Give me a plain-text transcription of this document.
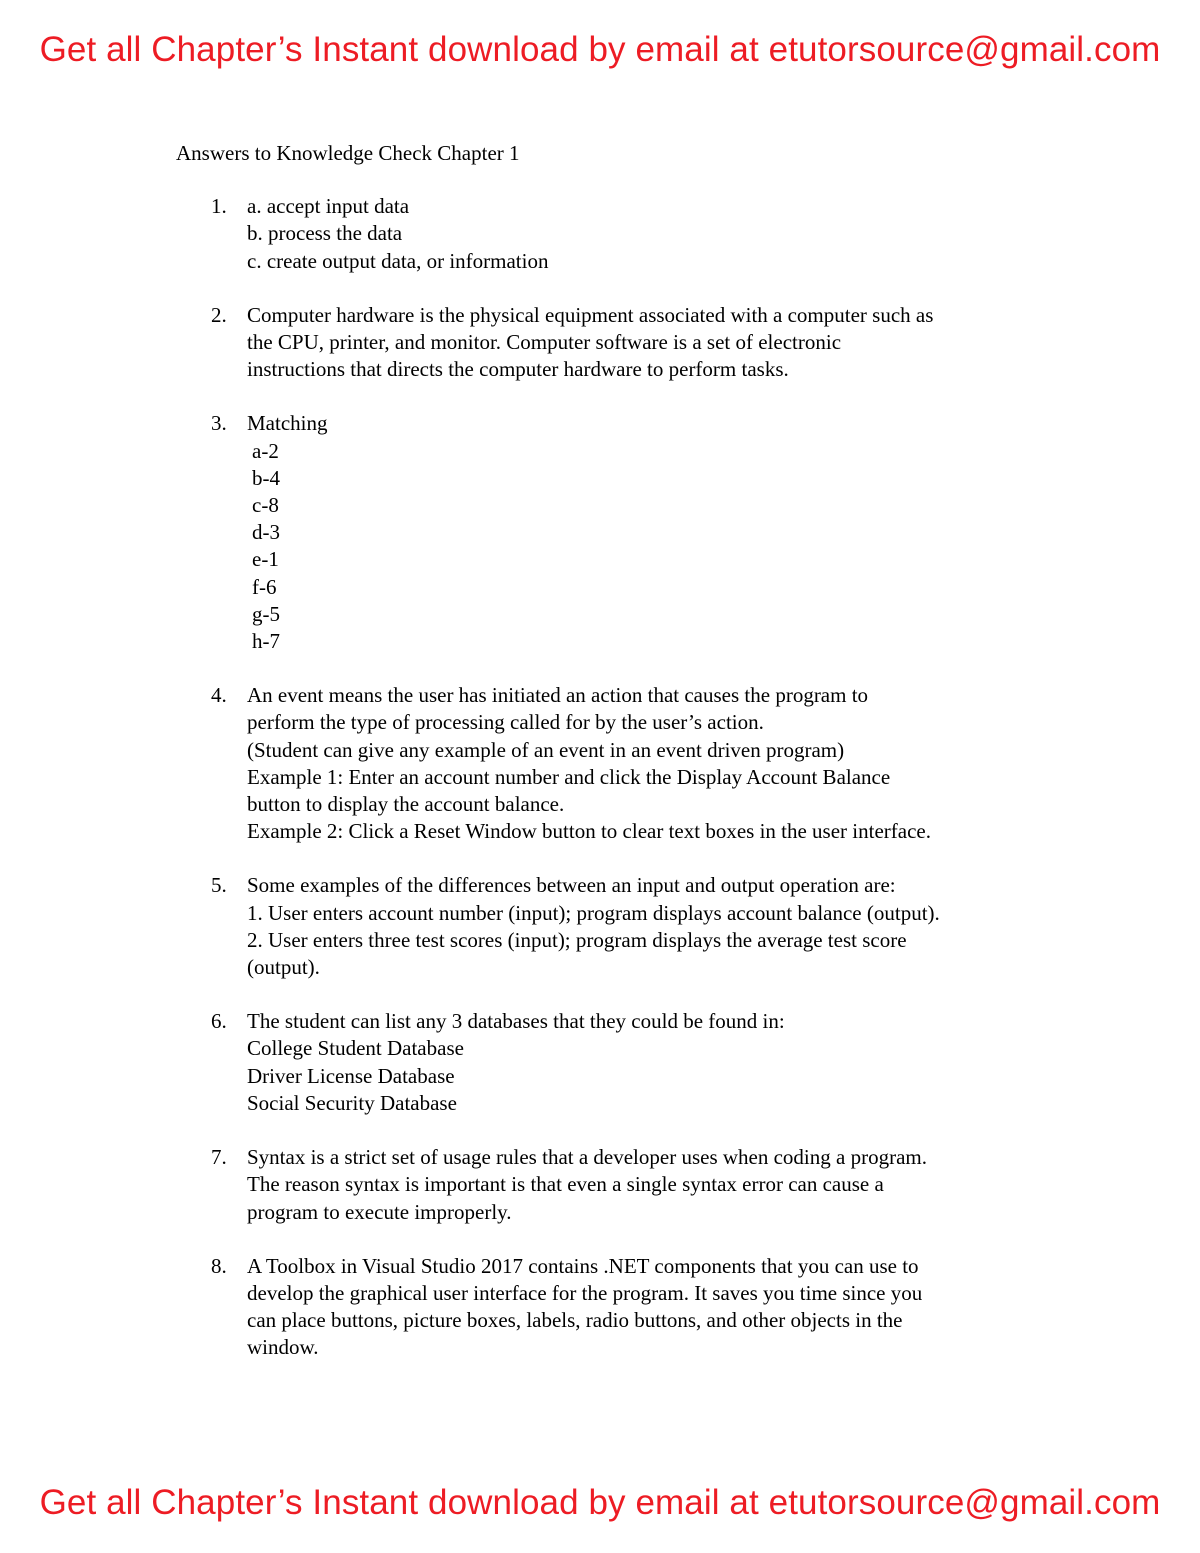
Get all Chapter’s Instant download by email at etutorsource@gmail.com
Answers to Knowledge Check Chapter 1
1. a. accept input data
b. process the data
c. create output data, or information
2. Computer hardware is the physical equipment associated with a computer such as
the CPU, printer, and monitor. Computer software is a set of electronic
instructions that directs the computer hardware to perform tasks.
3. Matching
a-2
b-4
c-8
d-3
e-1
f-6
g-5
h-7
4. An event means the user has initiated an action that causes the program to
perform the type of processing called for by the user’s action.
(Student can give any example of an event in an event driven program)
Example 1: Enter an account number and click the Display Account Balance
button to display the account balance.
Example 2: Click a Reset Window button to clear text boxes in the user interface.
5. Some examples of the differences between an input and output operation are:
1. User enters account number (input); program displays account balance (output).
2. User enters three test scores (input); program displays the average test score
(output).
6. The student can list any 3 databases that they could be found in:
College Student Database
Driver License Database
Social Security Database
7. Syntax is a strict set of usage rules that a developer uses when coding a program.
The reason syntax is important is that even a single syntax error can cause a
program to execute improperly.
8. A Toolbox in Visual Studio 2017 contains .NET components that you can use to
develop the graphical user interface for the program. It saves you time since you
can place buttons, picture boxes, labels, radio buttons, and other objects in the
window.
Get all Chapter’s Instant download by email at etutorsource@gmail.com
